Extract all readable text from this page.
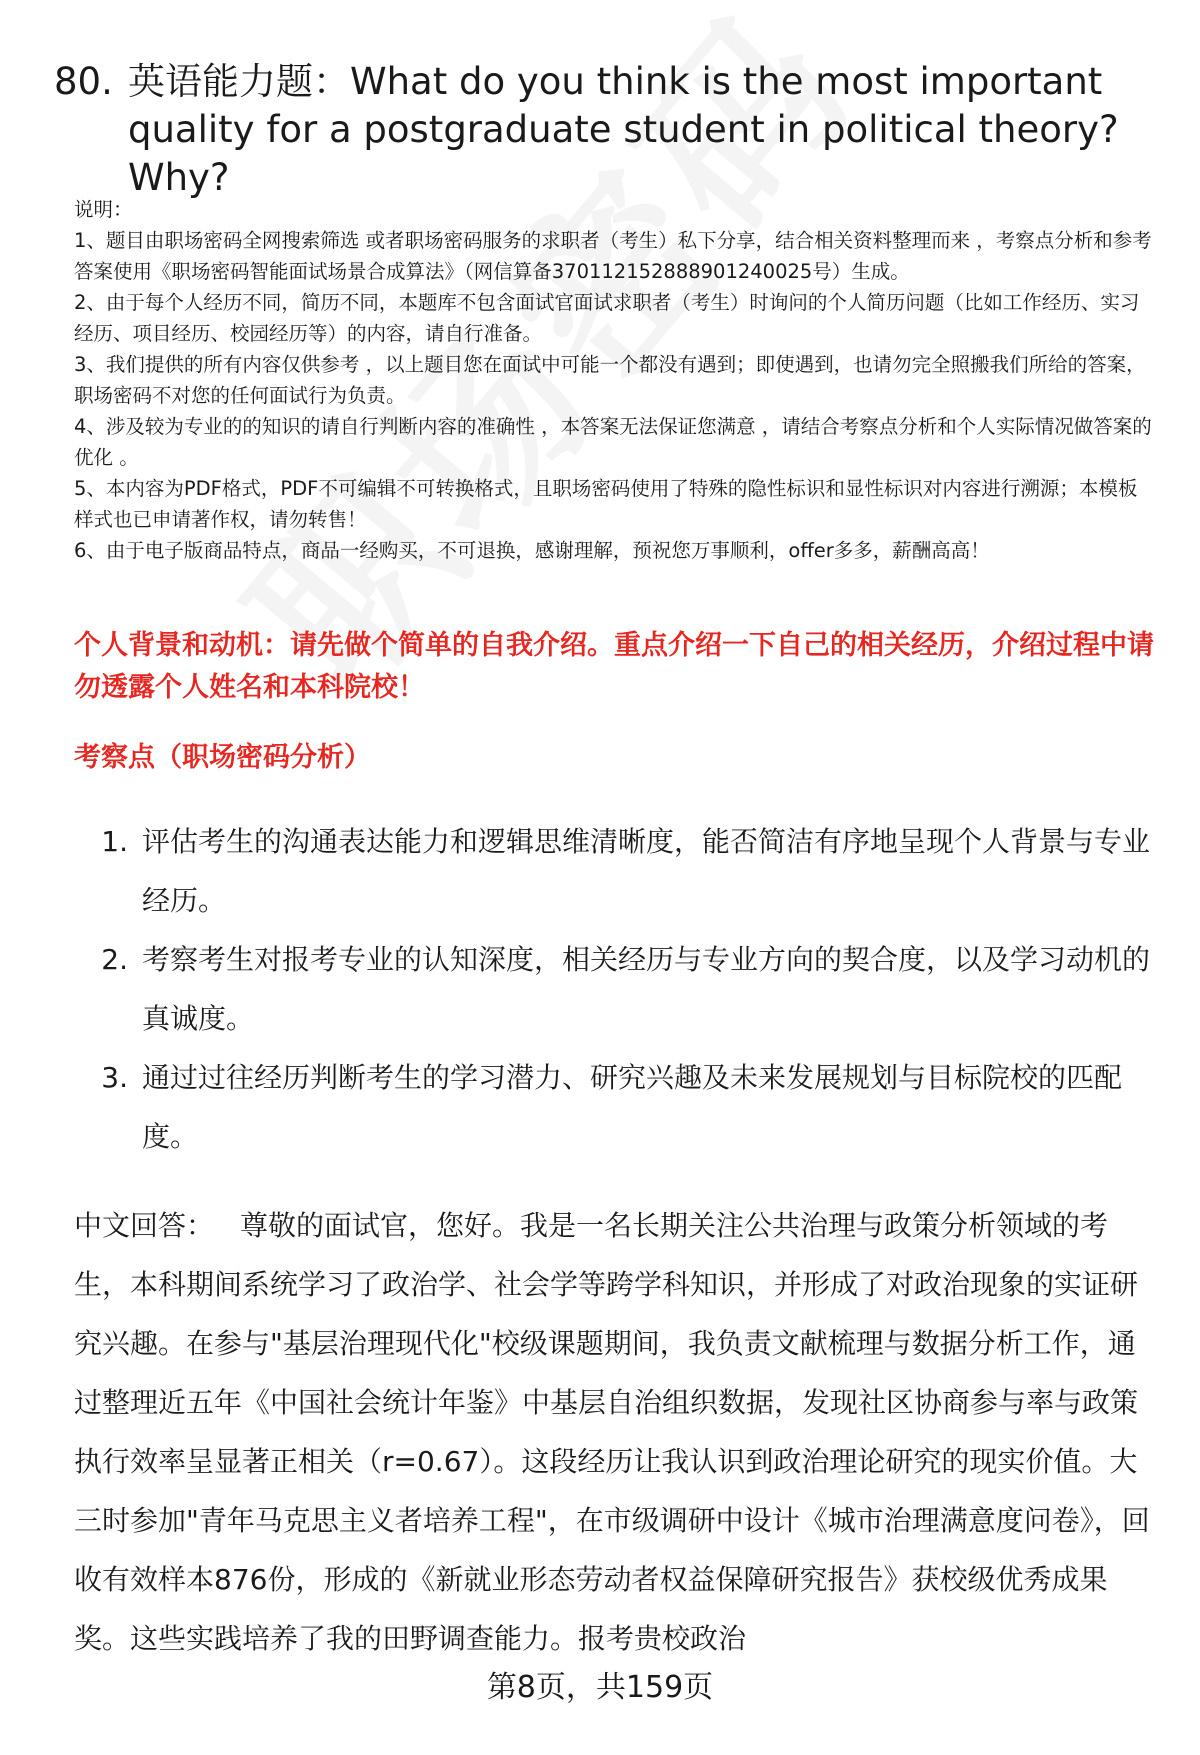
80. 英语能力题：What do you think is the most important quality for a postgraduate student in political theory? Why?

说明：

1、题目由职场密码全网搜索筛选 或者职场密码服务的求职者（考生）私下分享，结合相关资料整理而来 ，考察点分析和参考答案使用《职场密码智能面试场景合成算法》（网信算备370112152888901240025号）生成。

2、由于每个人经历不同，简历不同，本题库不包含面试官面试求职者（考生）时询问的个人简历问题（比如工作经历、实习经历、项目经历、校园经历等）的内容，请自行准备。

3、我们提供的所有内容仅供参考 ，以上题目您在面试中可能一个都没有遇到；即使遇到，也请勿完全照搬我们所给的答案，职场密码不对您的任何面试行为负责。

4、涉及较为专业的的知识的请自行判断内容的准确性 ，本答案无法保证您满意 ，请结合考察点分析和个人实际情况做答案的优化 。

5、本内容为PDF格式，PDF不可编辑不可转换格式，且职场密码使用了特殊的隐性标识和显性标识对内容进行溯源；本模板样式也已申请著作权，请勿转售！

6、由于电子版商品特点，商品一经购买，不可退换，感谢理解，预祝您万事顺利，offer多多，薪酬高高！

个人背景和动机：请先做个简单的自我介绍。重点介绍一下自己的相关经历，介绍过程中请勿透露个人姓名和本科院校！

考察点（职场密码分析）

1. 评估考生的沟通表达能力和逻辑思维清晰度，能否简洁有序地呈现个人背景与专业经历。
2. 考察考生对报考专业的认知深度，相关经历与专业方向的契合度，以及学习动机的真诚度。
3. 通过过往经历判断考生的学习潜力、研究兴趣及未来发展规划与目标院校的匹配度。

中文回答： 尊敬的面试官，您好。我是一名长期关注公共治理与政策分析领域的考生，本科期间系统学习了政治学、社会学等跨学科知识，并形成了对政治现象的实证研究兴趣。在参与"基层治理现代化"校级课题期间，我负责文献梳理与数据分析工作，通过整理近五年《中国社会统计年鉴》中基层自治组织数据，发现社区协商参与率与政策执行效率呈显著正相关（r=0.67）。这段经历让我认识到政治理论研究的现实价值。大三时参加"青年马克思主义者培养工程"，在市级调研中设计《城市治理满意度问卷》，回收有效样本876份，形成的《新就业形态劳动者权益保障研究报告》获校级优秀成果奖。这些实践培养了我的田野调查能力。报考贵校政治

第8页，共159页
